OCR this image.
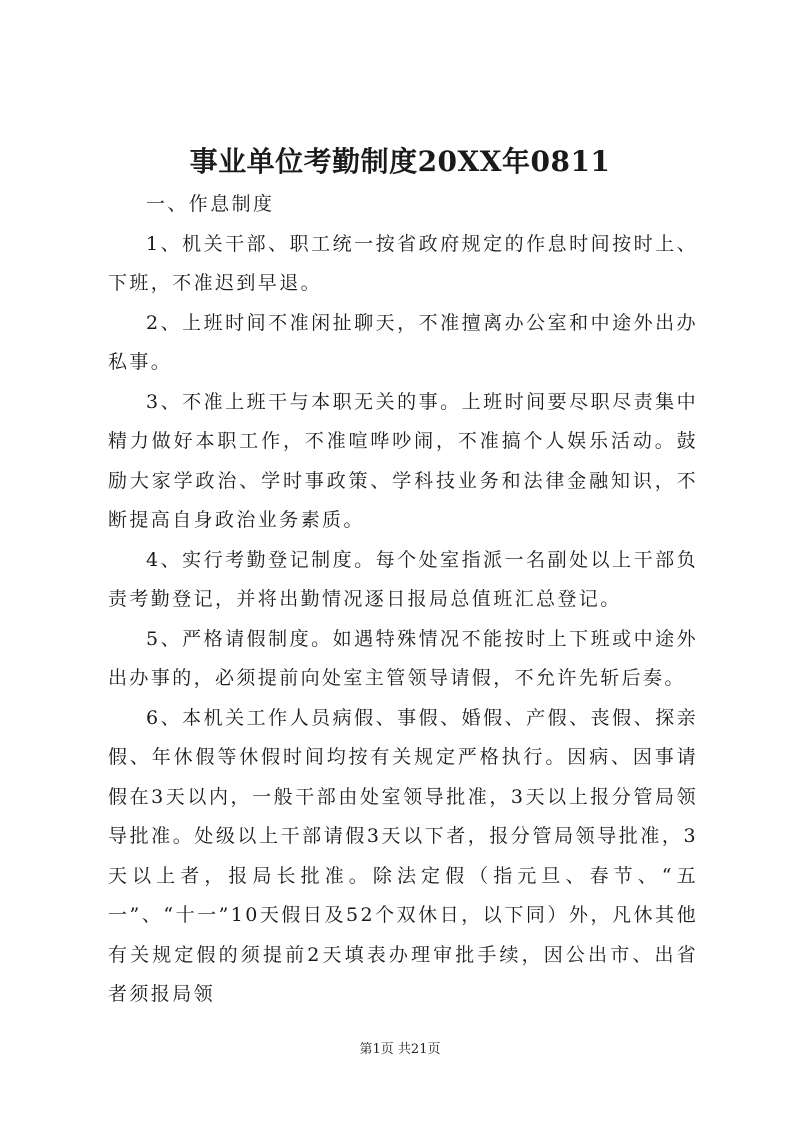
事业单位考勤制度20XX年0811

一、作息制度

1、机关干部、职工统一按省政府规定的作息时间按时上、下班，不准迟到早退。

2、上班时间不准闲扯聊天，不准擅离办公室和中途外出办私事。

3、不准上班干与本职无关的事。上班时间要尽职尽责集中精力做好本职工作，不准喧哗吵闹，不准搞个人娱乐活动。鼓励大家学政治、学时事政策、学科技业务和法律金融知识，不断提高自身政治业务素质。

4、实行考勤登记制度。每个处室指派一名副处以上干部负责考勤登记，并将出勤情况逐日报局总值班汇总登记。

5、严格请假制度。如遇特殊情况不能按时上下班或中途外出办事的，必须提前向处室主管领导请假，不允许先斩后奏。

6、本机关工作人员病假、事假、婚假、产假、丧假、探亲假、年休假等休假时间均按有关规定严格执行。因病、因事请假在3天以内，一般干部由处室领导批准，3天以上报分管局领导批准。处级以上干部请假3天以下者，报分管局领导批准，3天以上者，报局长批准。除法定假（指元旦、春节、“五一”、“十一”10天假日及52个双休日，以下同）外，凡休其他有关规定假的须提前2天填表办理审批手续，因公出市、出省者须报局领

第1页 共21页
